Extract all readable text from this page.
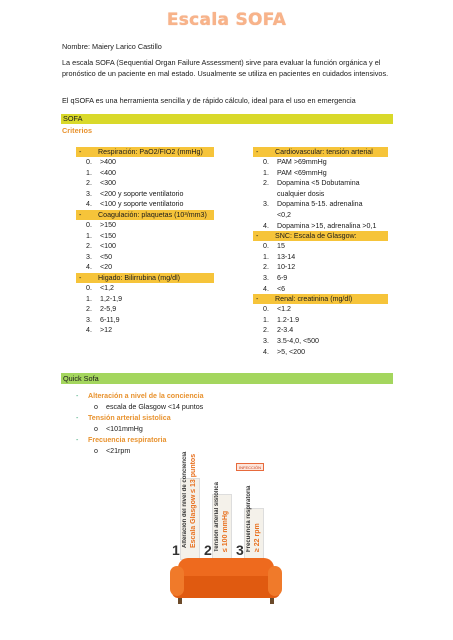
Escala SOFA
Nombre: Maiery Larico Castillo
La escala SOFA (Sequential Organ Failure Assessment) sirve para evaluar la función orgánica y el pronóstico de un paciente en mal estado. Usualmente se utiliza en pacientes en cuidados intensivos.
El qSOFA es una herramienta sencilla y de rápido cálculo, ideal para el uso en emergencia
SOFA
Criterios
- Respiración: PaO2/FIO2 (mmHg)
0.	>400
1.	<400
2.	<300
3.	<200 y soporte ventilatorio
4.	<100 y soporte ventilatorio
- Coagulación: plaquetas (10³/mm3)
0.	>150
1.	<150
2.	<100
3.	<50
4.	<20
- Higado: Bilirrubina (mg/dl)
0.	<1,2
1.	1,2-1,9
2.	2-5,9
3.	6-11,9
4.	>12
- Cardiovascular: tensión arterial
0.	PAM >69mmHg
1.	PAM <69mmHg
2.	Dopamina <5 Dobutamina cualquier dosis
3.	Dopamina 5-15. adrenalina <0,2
4.	Dopamina >15, adrenalina >0,1
- SNC: Escala de Glasgow:
0.	15
1.	13-14
2.	10-12
3.	6-9
4.	<6
- Renal: creatinina (mg/dl)
0.	<1.2
1.	1.2-1.9
2.	2-3.4
3.	3.5-4,0, <500
4.	>5, <200
Quick Sofa
- Alteración a nivel de la conciencia
o escala de Glasgow <14 puntos
- Tensión arterial sistolica
o <101mmHg
- Frecuencia respiratoria
o <21rpm
INFECCIÓN
Alteración del nivel de conciencia Escala Glasgow ≤ 13 puntos
1	Tensión arterial sistólica ≤ 100 mmHg
2	Frecuencia respiratoria ≥ 22 rpm
3
